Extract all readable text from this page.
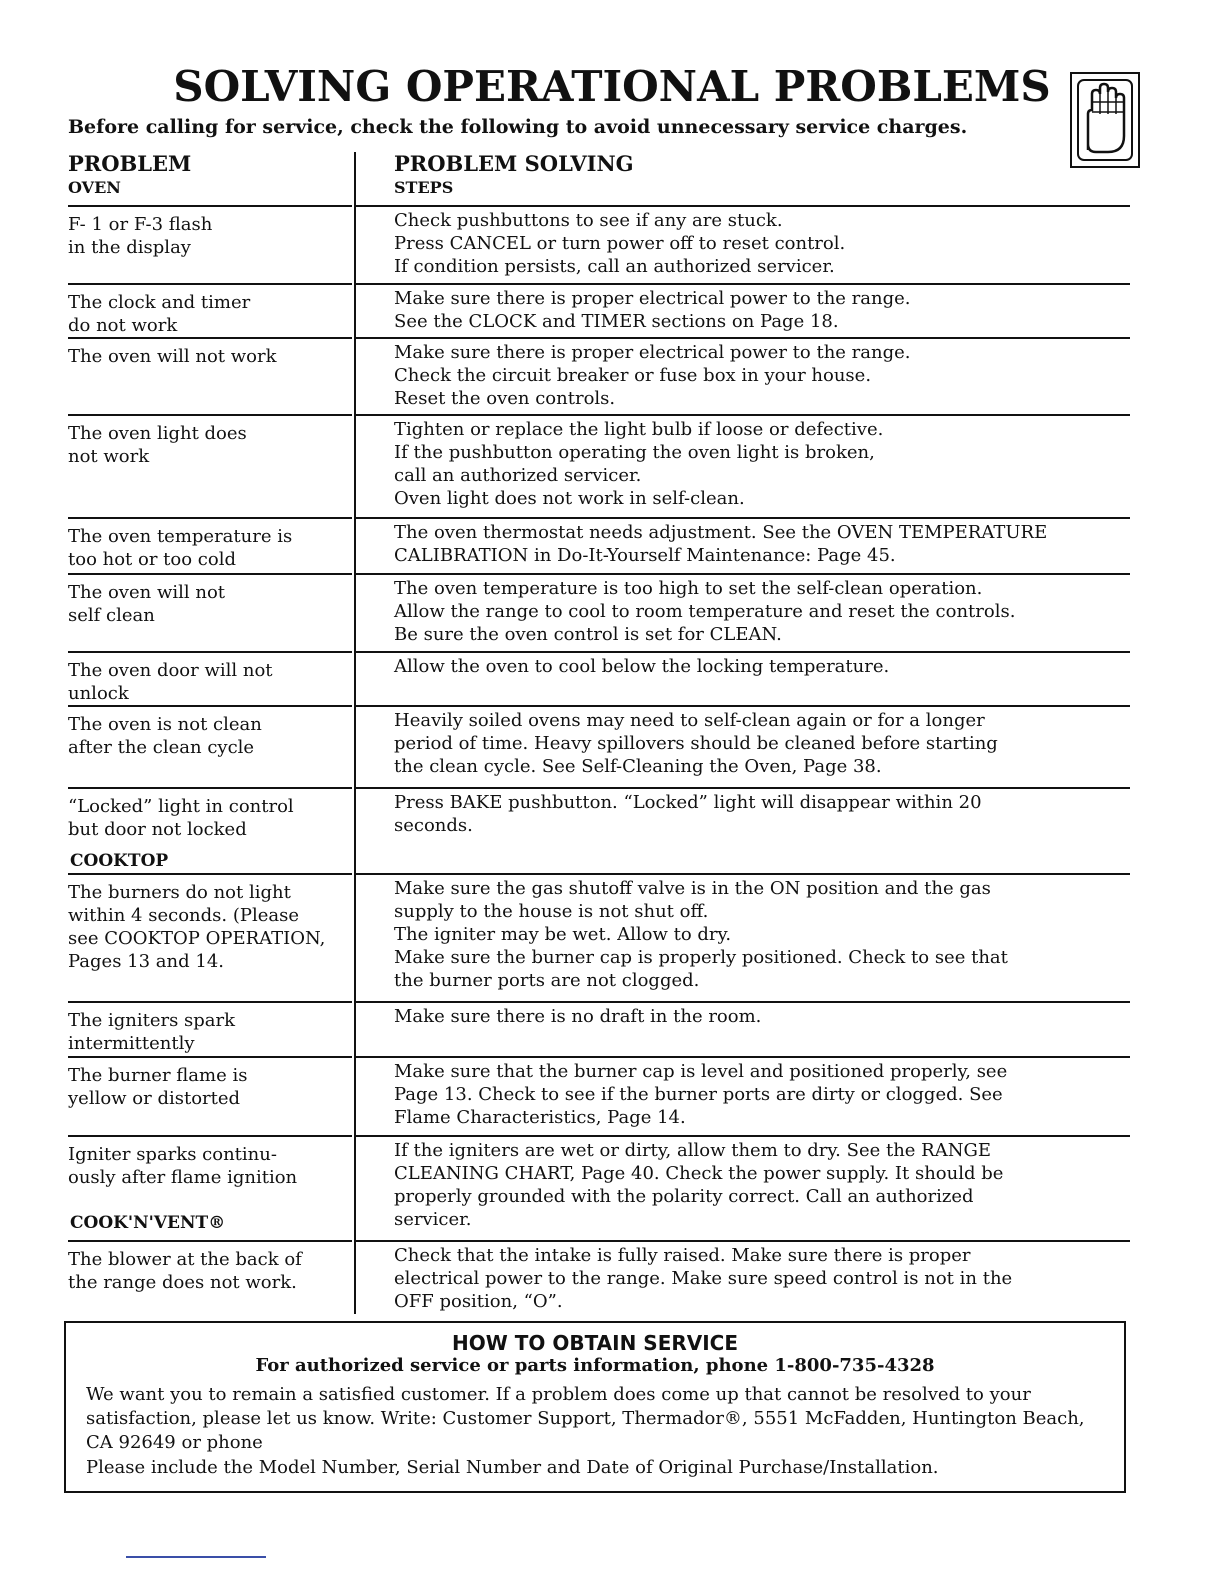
SOLVING OPERATIONAL PROBLEMS
Before calling for service, check the following to avoid unnecessary service charges.
PROBLEM
OVEN
PROBLEM SOLVING
STEPS
F- 1 or F-3 flash
in the display
Check pushbuttons to see if any are stuck.
Press CANCEL or turn power off to reset control.
If condition persists, call an authorized servicer.
The clock and timer
do not work
Make sure there is proper electrical power to the range.
See the CLOCK and TIMER sections on Page 18.
The oven will not work	Make sure there is proper electrical power to the range.
Check the circuit breaker or fuse box in your house.
Reset the oven controls.
The oven light does
not work
Tighten or replace the light bulb if loose or defective.
If the pushbutton operating the oven light is broken,
call an authorized servicer.
Oven light does not work in self-clean.
The oven temperature is
too hot or too cold
The oven thermostat needs adjustment. See the OVEN TEMPERATURE
CALIBRATION in Do-It-Yourself Maintenance: Page 45.
The oven will not
self clean
The oven temperature is too high to set the self-clean operation.
Allow the range to cool to room temperature and reset the controls.
Be sure the oven control is set for CLEAN.
The oven door will not
unlock
Allow the oven to cool below the locking temperature.
The oven is not clean
after the clean cycle
Heavily soiled ovens may need to self-clean again or for a longer
period of time. Heavy spillovers should be cleaned before starting
the clean cycle. See Self-Cleaning the Oven, Page 38.
“Locked” light in control
but door not locked
Press BAKE pushbutton. “Locked” light will disappear within 20
seconds.
The burners do not light
within 4 seconds. (Please
see COOKTOP OPERATION,
Pages 13 and 14.
Make sure the gas shutoff valve is in the ON position and the gas
supply to the house is not shut off.
The igniter may be wet. Allow to dry.
Make sure the burner cap is properly positioned. Check to see that
the burner ports are not clogged.
The igniters spark
intermittently
Make sure there is no draft in the room.
The burner flame is
yellow or distorted
Make sure that the burner cap is level and positioned properly, see
Page 13. Check to see if the burner ports are dirty or clogged. See
Flame Characteristics, Page 14.
Igniter sparks continu-
ously after flame ignition
If the igniters are wet or dirty, allow them to dry. See the RANGE
CLEANING CHART, Page 40. Check the power supply. It should be
properly grounded with the polarity correct. Call an authorized
servicer.
The blower at the back of
the range does not work.
Check that the intake is fully raised. Make sure there is proper
electrical power to the range. Make sure speed control is not in the
OFF position, “O”.
COOKTOP
COOK'N'VENT®
HOW TO OBTAIN SERVICE
For authorized service or parts information, phone 1-800-735-4328
We want you to remain a satisfied customer. If a problem does come up that cannot be resolved to your satisfaction, please let us know. Write: Customer Support, Thermador®, 5551 McFadden, Huntington Beach, CA 92649 or phone
Please include the Model Number, Serial Number and Date of Original Purchase/Installation.
